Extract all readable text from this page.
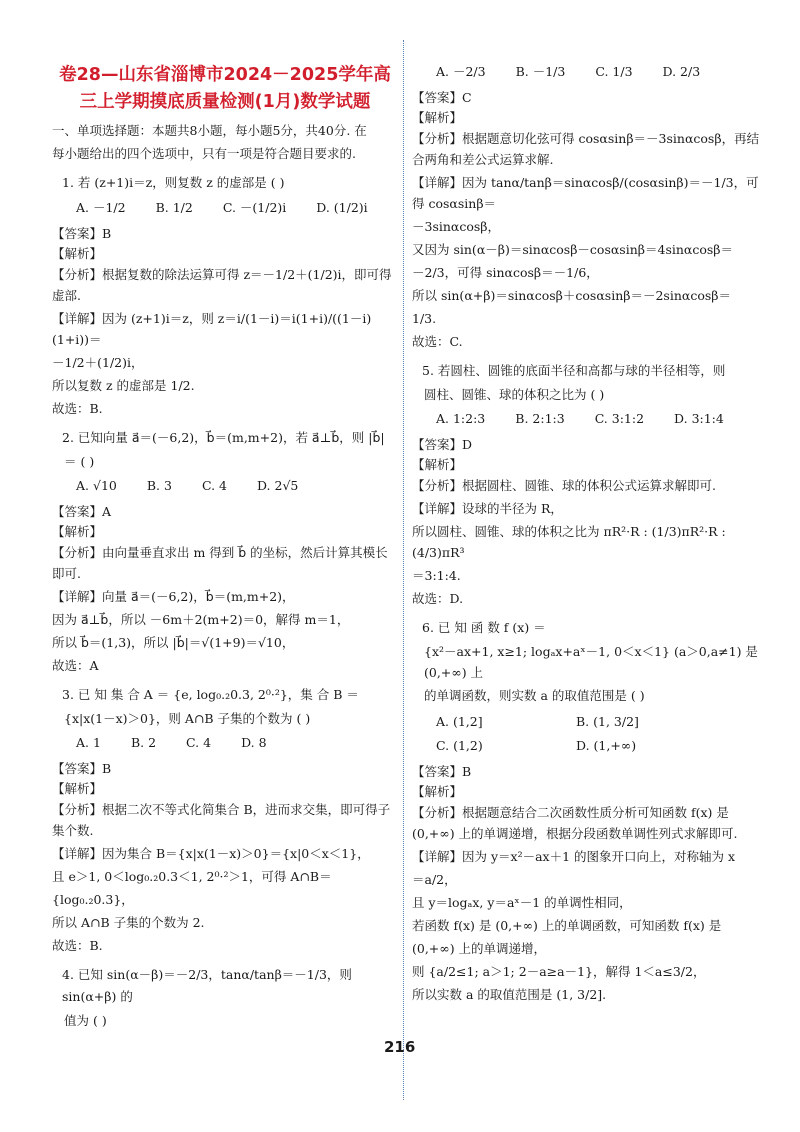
卷28—山东省淄博市2024－2025学年高
三上学期摸底质量检测(1月)数学试题

一、单项选择题：本题共8小题，每小题5分，共40分. 在

每小题给出的四个选项中，只有一项是符合题目要求的.

1. 若 (z+1)i＝z，则复数 z 的虚部是 ( )

A. －1/2 B. 1/2 C. －(1/2)i D. (1/2)i

【答案】B

【解析】

【分析】根据复数的除法运算可得 z＝－1/2＋(1/2)i，即可得虚部.

【详解】因为 (z+1)i＝z，则 z＝i/(1－i)＝i(1+i)/((1－i)(1+i))＝

－1/2＋(1/2)i，

所以复数 z 的虚部是 1/2.

故选：B.

2. 已知向量 a⃗＝(－6,2)，b⃗＝(m,m+2)，若 a⃗⊥b⃗，则 |b⃗|

＝ ( )

A. √10 B. 3 C. 4 D. 2√5

【答案】A

【解析】

【分析】由向量垂直求出 m 得到 b⃗ 的坐标，然后计算其模长即可.

【详解】向量 a⃗＝(－6,2)，b⃗＝(m,m+2)，

因为 a⃗⊥b⃗，所以 －6m＋2(m+2)＝0，解得 m＝1，

所以 b⃗＝(1,3)，所以 |b⃗|＝√(1+9)＝√10，

故选：A

3. 已 知 集 合 A ＝ {e, log₀.₂0.3, 2⁰·²}，集 合 B ＝

{x|x(1－x)＞0}，则 A∩B 子集的个数为 ( )

A. 1 B. 2 C. 4 D. 8

【答案】B

【解析】

【分析】根据二次不等式化简集合 B，进而求交集，即可得子集个数.

【详解】因为集合 B＝{x|x(1－x)＞0}＝{x|0＜x＜1}，

且 e＞1, 0＜log₀.₂0.3＜1, 2⁰·²＞1，可得 A∩B＝

{log₀.₂0.3}，

所以 A∩B 子集的个数为 2.

故选：B.

4. 已知 sin(α－β)＝－2/3，tanα/tanβ＝－1/3，则 sin(α+β) 的

值为 ( )

A. －2/3 B. －1/3 C. 1/3 D. 2/3

【答案】C

【解析】

【分析】根据题意切化弦可得 cosαsinβ＝－3sinαcosβ，再结合两角和差公式运算求解.

【详解】因为 tanα/tanβ＝sinαcosβ/(cosαsinβ)＝－1/3，可得 cosαsinβ＝

－3sinαcosβ，

又因为 sin(α－β)＝sinαcosβ－cosαsinβ＝4sinαcosβ＝

－2/3，可得 sinαcosβ＝－1/6，

所以 sin(α+β)＝sinαcosβ＋cosαsinβ＝－2sinαcosβ＝

1/3.

故选：C.

5. 若圆柱、圆锥的底面半径和高都与球的半径相等，则

圆柱、圆锥、球的体积之比为 ( )

A. 1:2:3 B. 2:1:3 C. 3:1:2 D. 3:1:4

【答案】D

【解析】

【分析】根据圆柱、圆锥、球的体积公式运算求解即可.

【详解】设球的半径为 R，

所以圆柱、圆锥、球的体积之比为 πR²·R : (1/3)πR²·R : (4/3)πR³

＝3:1:4.

故选：D.

6. 已 知 函 数 f (x) ＝

{x²－ax+1, x≥1; logₐx+aˣ－1, 0＜x＜1} (a＞0,a≠1) 是 (0,+∞) 上

的单调函数，则实数 a 的取值范围是 ( )

A. (1,2]	B. (1, 3/2]
C. (1,2)	D. (1,+∞)

【答案】B

【解析】

【分析】根据题意结合二次函数性质分析可知函数 f(x) 是 (0,+∞) 上的单调递增，根据分段函数单调性列式求解即可.

【详解】因为 y＝x²－ax＋1 的图象开口向上，对称轴为 x

＝a/2，

且 y＝logₐx, y＝aˣ－1 的单调性相同，

若函数 f(x) 是 (0,+∞) 上的单调函数，可知函数 f(x) 是

(0,+∞) 上的单调递增，

则 {a/2≤1; a＞1; 2－a≥a－1}，解得 1＜a≤3/2，

所以实数 a 的取值范围是 (1, 3/2].

216
